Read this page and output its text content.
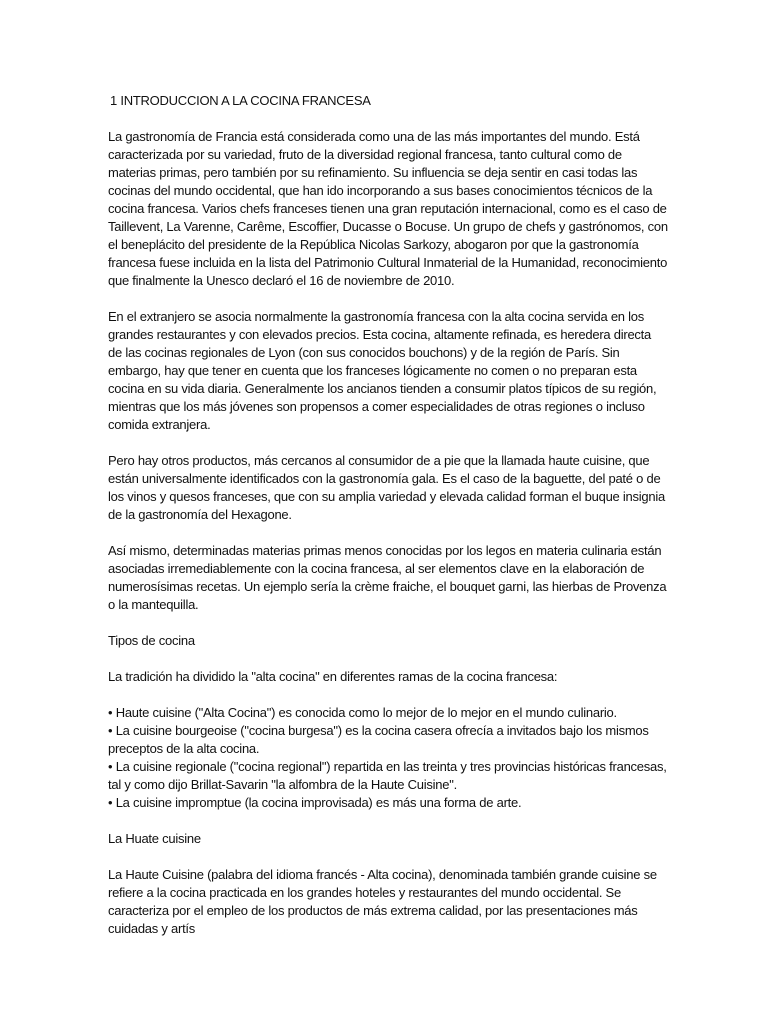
1 INTRODUCCION A LA COCINA FRANCESA

La gastronomía de Francia está considerada como una de las más importantes del mundo. Está caracterizada por su variedad, fruto de la diversidad regional francesa, tanto cultural como de materias primas, pero también por su refinamiento. Su influencia se deja sentir en casi todas las cocinas del mundo occidental, que han ido incorporando a sus bases conocimientos técnicos de la cocina francesa. Varios chefs franceses tienen una gran reputación internacional, como es el caso de Taillevent, La Varenne, Carême, Escoffier, Ducasse o Bocuse. Un grupo de chefs y gastrónomos, con el beneplácito del presidente de la República Nicolas Sarkozy, abogaron por que la gastronomía francesa fuese incluida en la lista del Patrimonio Cultural Inmaterial de la Humanidad, reconocimiento que finalmente la Unesco declaró el 16 de noviembre de 2010.

En el extranjero se asocia normalmente la gastronomía francesa con la alta cocina servida en los grandes restaurantes y con elevados precios. Esta cocina, altamente refinada, es heredera directa de las cocinas regionales de Lyon (con sus conocidos bouchons) y de la región de París. Sin embargo, hay que tener en cuenta que los franceses lógicamente no comen o no preparan esta cocina en su vida diaria. Generalmente los ancianos tienden a consumir platos típicos de su región, mientras que los más jóvenes son propensos a comer especialidades de otras regiones o incluso comida extranjera.

Pero hay otros productos, más cercanos al consumidor de a pie que la llamada haute cuisine, que están universalmente identificados con la gastronomía gala. Es el caso de la baguette, del paté o de los vinos y quesos franceses, que con su amplia variedad y elevada calidad forman el buque insignia de la gastronomía del Hexagone.

Así mismo, determinadas materias primas menos conocidas por los legos en materia culinaria están asociadas irremediablemente con la cocina francesa, al ser elementos clave en la elaboración de numerosísimas recetas. Un ejemplo sería la crème fraiche, el bouquet garni, las hierbas de Provenza o la mantequilla.

Tipos de cocina

La tradición ha dividido la "alta cocina" en diferentes ramas de la cocina francesa:

• Haute cuisine ("Alta Cocina") es conocida como lo mejor de lo mejor en el mundo culinario.
• La cuisine bourgeoise ("cocina burgesa") es la cocina casera ofrecía a invitados bajo los mismos preceptos de la alta cocina.
• La cuisine regionale ("cocina regional") repartida en las treinta y tres provincias históricas francesas, tal y como dijo Brillat-Savarin "la alfombra de la Haute Cuisine".
• La cuisine impromptue (la cocina improvisada) es más una forma de arte.

La Huate cuisine

La Haute Cuisine (palabra del idioma francés - Alta cocina), denominada también grande cuisine se refiere a la cocina practicada en los grandes hoteles y restaurantes del mundo occidental. Se caracteriza por el empleo de los productos de más extrema calidad, por las presentaciones más cuidadas y artís
